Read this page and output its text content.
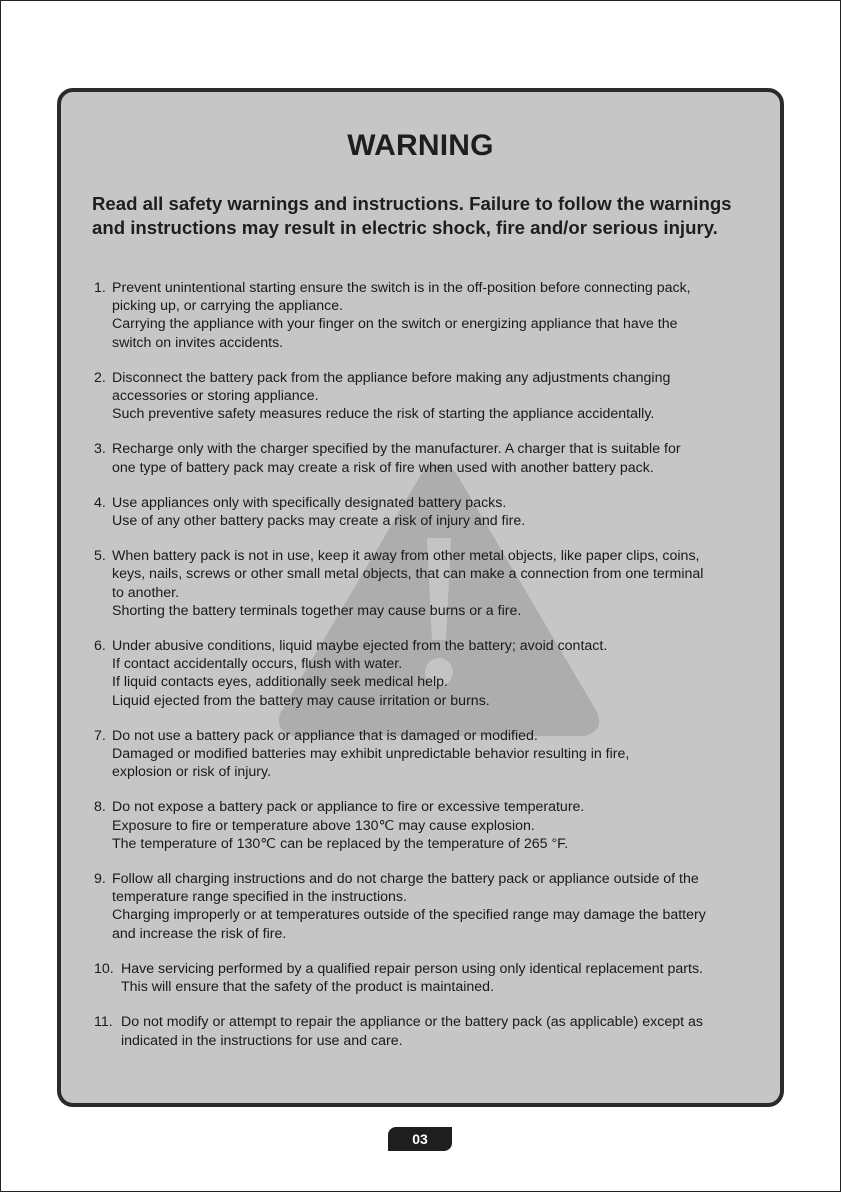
WARNING
Read all safety warnings and instructions. Failure to follow the warnings
and instructions may result in electric shock, fire and/or serious injury.
1. Prevent unintentional starting ensure the switch is in the off-position before connecting pack,
picking up, or carrying the appliance.
Carrying the appliance with your finger on the switch or energizing appliance that have the
switch on invites accidents.
2. Disconnect the battery pack from the appliance before making any adjustments changing
accessories or storing appliance.
Such preventive safety measures reduce the risk of starting the appliance accidentally.
3. Recharge only with the charger specified by the manufacturer. A charger that is suitable for
one type of battery pack may create a risk of fire when used with another battery pack.
4. Use appliances only with specifically designated battery packs.
Use of any other battery packs may create a risk of injury and fire.
5. When battery pack is not in use, keep it away from other metal objects, like paper clips, coins,
keys, nails, screws or other small metal objects, that can make a connection from one terminal
to another.
Shorting the battery terminals together may cause burns or a fire.
6. Under abusive conditions, liquid maybe ejected from the battery; avoid contact.
If contact accidentally occurs, flush with water.
If liquid contacts eyes, additionally seek medical help.
Liquid ejected from the battery may cause irritation or burns.
7. Do not use a battery pack or appliance that is damaged or modified.
Damaged or modified batteries may exhibit unpredictable behavior resulting in fire,
explosion or risk of injury.
8. Do not expose a battery pack or appliance to fire or excessive temperature.
Exposure to fire or temperature above 130℃ may cause explosion.
The temperature of 130℃ can be replaced by the temperature of 265 °F.
9. Follow all charging instructions and do not charge the battery pack or appliance outside of the
temperature range specified in the instructions.
Charging improperly or at temperatures outside of the specified range may damage the battery
and increase the risk of fire.
10. Have servicing performed by a qualified repair person using only identical replacement parts.
This will ensure that the safety of the product is maintained.
11. Do not modify or attempt to repair the appliance or the battery pack (as applicable) except as
indicated in the instructions for use and care.
03
